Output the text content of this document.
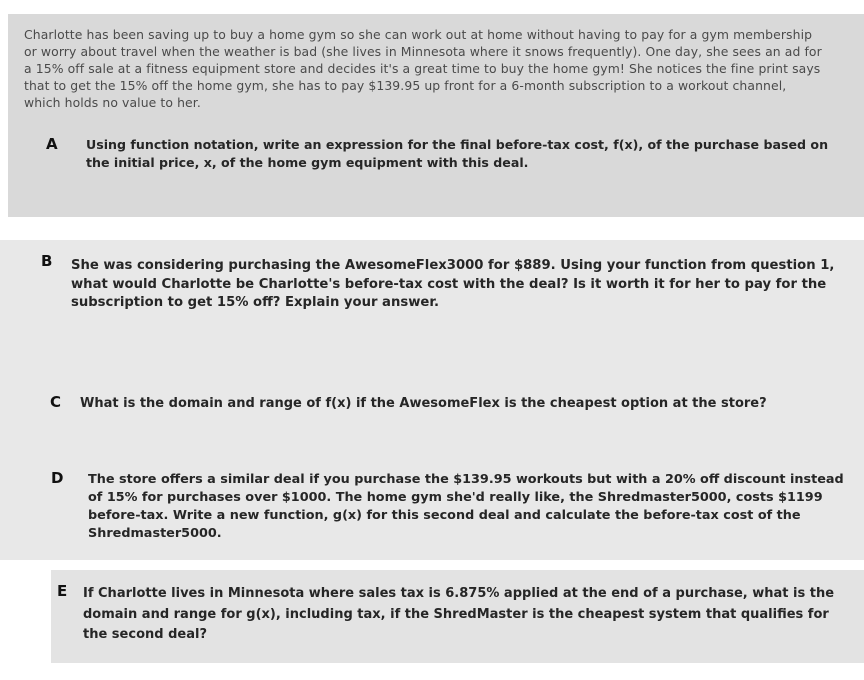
Charlotte has been saving up to buy a home gym so she can work out at home without having to pay for a gym membership or worry about travel when the weather is bad (she lives in Minnesota where it snows frequently). One day, she sees an ad for a 15% off sale at a fitness equipment store and decides it's a great time to buy the home gym! She notices the fine print says that to get the 15% off the home gym, she has to pay $139.95 up front for a 6-month subscription to a workout channel, which holds no value to her.
A Using function notation, write an expression for the final before-tax cost, f(x), of the purchase based on the initial price, x, of the home gym equipment with this deal.
B She was considering purchasing the AwesomeFlex3000 for $889. Using your function from question 1, what would Charlotte be Charlotte's before-tax cost with the deal? Is it worth it for her to pay for the subscription to get 15% off? Explain your answer.
C What is the domain and range of f(x) if the AwesomeFlex is the cheapest option at the store?
D The store offers a similar deal if you purchase the $139.95 workouts but with a 20% off discount instead of 15% for purchases over $1000. The home gym she'd really like, the Shredmaster5000, costs $1199 before-tax. Write a new function, g(x) for this second deal and calculate the before-tax cost of the Shredmaster5000.
E If Charlotte lives in Minnesota where sales tax is 6.875% applied at the end of a purchase, what is the domain and range for g(x), including tax, if the ShredMaster is the cheapest system that qualifies for the second deal?
